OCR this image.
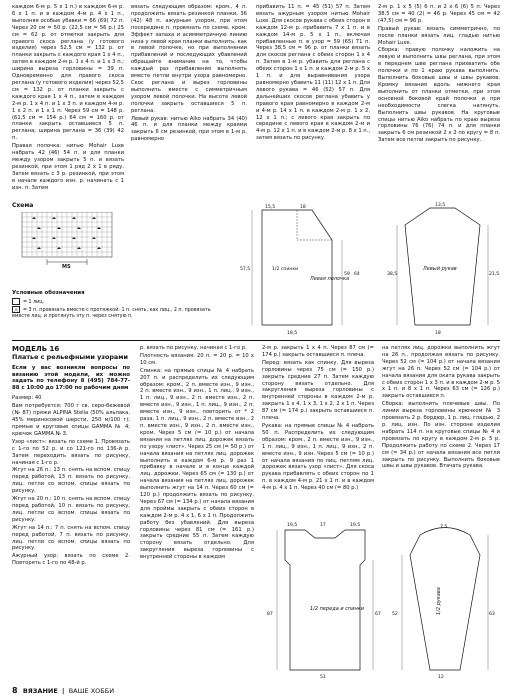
каждом 6-м р. 5 х 1 п.) в каждом 6-м р. 6 х 1 п. и в каждом 4-м р. 4 х 1 п., выполняя особые убавки = 66 (69) 72 п. Через 20 см = 50 р. (22,5 см = 56 р.) 25 см = 62 р. от отметки закрыть для правого скоса реглана (у готового изделия) через 52,5 см = 132 р. от планки закрыть с каждого края 1 х 4 п., затем в каждом 2-м р. 1 х 4 п. и 1 х 3 п.; ширина вырезa горловины = 39 п. Одновременно для правого скоса реглана (у готового изделия) через 52,5 см = 132 р. от планки закрыть с каждого края 1 х 4 п., затем в каждом 2-м р. 1 х 4 п. и 1 х 3 п. и каждом 4-м р. 1 х 2 п. и 1 х 1 п. Через 59 см = 148 р. (61,5 см = 154 р.) 64 см = 160 р. от планки закрыть оставшиеся 5 п. реглана; ширина реглана = 36 (39) 42 п.

Правая полочка: нитью Mohair Luxe набрать 42 (46) 54 п. и для планки между узором закрыть 5 п. и вязать резинкой, при этом 1 ряд 2 х 1 в ряду. Затем вязать с 3 р. резинкой, при этом в начале каждого изн. р. начинать с 1 изн. п. Затем

вязать следующим образом: кром., 4 п. продолжить вязать резинкой планки, 36 (42) 48 п. ажурным узором, при этом посередине п. провязать по схеме, кром. Эффект запаха и асимметричную линию низа у левой края планки выполнить, как в левой полочке, но при выполнении прибавлений и последующих убавлений обращайте внимание на то, чтобы каждый раз прибавления выполнять вместе петли внутри узора равномерно. Скос реглана и вырез горловины выполнить вместе с симметричным узором левой полочки. На высоте левой полочки закрыть оставшиеся 5 п. реглана.

Левый рукав: нитью Aiko набрать 34 (40) 46 п. и для планки между краями закрыть 6 см резинкой, при этом в 1-м р. равномерно

прибавить 11 п. = 45 (51) 57 п. Затем вязать ажурным узором нитью Mohair Luxe. Для скосов рукава с обеих сторон в каждом 12-м р. прибавить 7 х 1 п. и в каждом 14-м р. 5 х 1 п., включая прибавленные п. в узор = 59 (65) 71 п. Через 38,5 см = 96 р. от планки вязать для скосов реглана с обеих сторон 1 х 4 п. Затем в 1-м р. убавить для реглана с обеих сторон 1 х 1 п. и каждом 2-м р. 5 х 1 п. и для выравнивания узора равномерно убавить 11 (11) 12 х 1 п. Для левого рукава = 46 (52) 57 п. Для дальнейших скосов реглана убавить у правого края равномерно в каждом 2-м и 4-м р. 14 х 1 п. в каждом 2-м р. 1 х 2, 12 х 1 п.; с левого края закрыть по середине с левого края в каждом 2-м и 4-м р. 12 х 1 п. и в каждом 2-м р. 8 х 1 п., затем вязать по рисунку.

2-м р. 1 х 5 (5) 6 п. и 2 х 6 (6) 5 п. Через 38,5 см = 40 (2) = 46 р. Через 45 см = 42 (47,5) см = 96 р.

Правый рукав: вязать симметрично, по после планки вязать лиц. гладью нитью Mohair Luxe.

Сборка: правую полочку наложить на левую и выполнить швы реглана, при этом в переднем шве реглана прихватить обе полочки и по 1 краю рукава выполнить. Выполнить боковые швы и швы рукавов. Кромку вязания вдоль нижнего края выполнить от планки отметки, при этом основной боковой край полочки и при необходимости слегка натянуть. Выполнить швы рукавов. На круговые спицы нитью Aiko набрать по краю вырезa горловины 76 (76) 74 п. и для планки закрыть 6 см резинкой 2 х 2 по кругу = 8 п. Затем все петли закрыть по рисунку.

Схема
MS
Условные обозначения
= 1 лиц.
⋀ = 3 п. провязать вместе с протяжкой: 1 п. снять, как лиц., 2 п. провязать вместе лиц. и протянуть эту п. через снятую п.
Левая полочка
57,5	1/2 спинки
15,5	18
59 64
18,5
Левый рукав
13,5
38,5	21,5
18
МОДЕЛЬ 16
Платье с рельефными узорами
Если у вас возникли вопросы по вязанию этой модели, их можно задать по телефону 8 (495) 784-77-88 с 10:00 до 17:00 по рабочим дням

Размер: 40

Вам потребуется: 700 г св. серо-бежевой (№ 87) пряжи ALPINA Stella (50% альпака, 45% мериносовой шерсти, 250 м/100 г); прямые и круговые спицы GAMMA № 4; крючок GAMMA № 3.

Узор «лист»: вязать по схеме 1. Провязать с 1-го по 52 р. и со 121-го по 136-й р. Затем переходить вязать по рисунку, начиная с 1-го р.

Жгут на 26 п.: 13 п. снять на вспом. спицу перед работой, 13 п. вязать по рисунку, лиц. петли со вспом. спицы вязать по рисунку.

Жгут на 20 п.: 10 п. снять на вспом. спицу перед работой, 10 п. вязать по рисунку, лиц. петли со вспом. спицы вязать по рисунку.

Жгут на 14 п.: 7 п. снять на вспом. спицу перед работой, 7 п. вязать по рисунку, лиц. петли со вспом. спицы вязать по рисунку.

Ажурный узор: вязать по схеме 2. Повторять с 1-го по 48-й р.

р. вязать по рисунку, начиная с 1-го р.

Плотность вязания: 20 п. = 20 р. = 10 х 10 см.

Спинка: на прямые спицы № 4 набрать 207 п. и распределить их следующим образом: кром., 2 п. вместе изн., 9 изн., 2 п. вместе изн., 9 изн., 1 п. лиц., 9 изн., 1 п. лиц., 9 изн., 2 п. вместе изн., 2 п. вместе изн., 9 изн., 1 п. лиц., 9 изн., 2 п. вместе изн., 9 изн., повторить от * 2 раза, 1 п. лиц., 9 изн., 2 п. вместе изн., 2 п. вместе изн., 9 изн., 2 п. вместе изн., кром. Через 5 см (= 10 р.) от начала вязания на петлях лиц. дорожек вязать по узору «лист». Через 25 см (= 50 р.) от начала вязания на петлях лиц. дорожек выполнить в каждом 6-м р. 9 раз 1 прибавку в начале и в конце каждой лиц. дорожки. Через 65 см (= 130 р.) от начала вязания на петлях лиц. дорожек выполнить жгут на 14 п. Через 60 см (= 120 р.) продолжить вязать по рисунку. Через 67 см (= 134 р.) от начала вязания для проймы закрыть с обеих сторон в каждом 2-м р. 4 х 1, 6 х 1 п. Продолжить работу без убавлений. Для выреза горловины через 81 см (= 161 р.) закрыть средние 55 п. Затем каждую сторону вязать отдельно. Для закругления выреза горловины с внутренней стороны в каждом

2-м р. закрыть 1 х 4 п. Через 87 см (= 174 р.) закрыть оставшиеся п. плеча.

Перед: вязать как спинку. Для выреза горловины через 75 см (= 150 р.) закрыть средние 27 п. Затем каждую сторону вязать отдельно. Для закругления выреза горловины с внутренней стороны в каждом 2-м р. закрыть 1 х 4, 1 х 3, 1 х 2, 2 х 1 п. Через 87 см (= 174 р.) закрыть оставшиеся п. плеча.

Рукава: на прямые спицы № 4 набрать 50 п. Распределить их следующим образом: кром., 2 п. вместе изн., 9 изн., 1 п. лиц., 9 изн., 1 п. лиц., 9 изн., 2 п. вместе изн., 9 изн. Через 5 см (= 10 р.) от начала вязания по лиц. петлям лиц. дорожек вязать узор «лист». Для скоса рукава прибавлять с обеих сторон по 1 п. в каждом 4-м р. 21 х 1 п. и в каждом 4-м р. 4 х 1 п. Через 40 см (= 80 р.)

на петлях лиц. дорожки выполнить жгут на 26 п., продолжая вязать по рисунку. Через 52 см (= 104 р.) от начала вязания жгут на 26 п. Через 52 см (= 104 р.) от начала вязания для оката рукава закрыть с обеих сторон 1 х 3 п. и в каждом 2-м р. 5 х 1 п. и 8 х 1 п. Через 63 см (= 126 р.) закрыть оставшиеся п.

Сборка: выполнить плечевые швы. По линии выреза горловины крючком № 3 провязать 2 р. бордюр, 1 р. лиц. гладью, 2 р. лиц. изн. По изн. стороне изделия набрать 114 п. на круговые спицы № 4 и провязать по кругу в каждом 2-м р. 5 р. Продолжить работу по схеме 2. Через 17 см (= 34 р.) от начала вязания все петли закрыть по рисунку. Выполнить боковые швы и швы рукавов. Втачать рукава.

1/2 переда и спинки
19,5	17	19,5
51
67
87	1/2 рукава
7,5
52	63
12
8 ВЯЗАНИЕ | ВАШЕ ХОББИ
